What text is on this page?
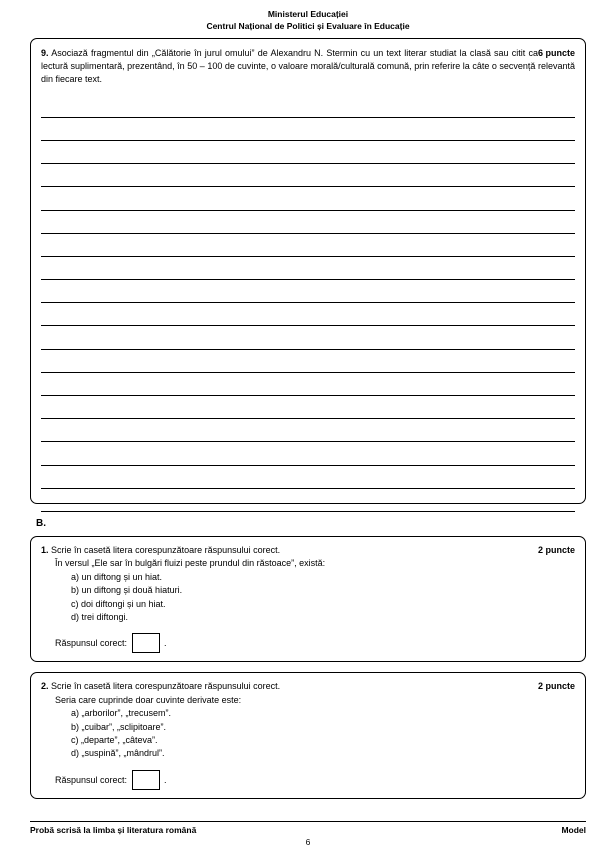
Ministerul Educației
Centrul Național de Politici și Evaluare în Educație
6 puncte
9. Asociază fragmentul din „Călătorie în jurul omului” de Alexandru N. Stermin cu un text literar studiat la clasă sau citit ca lectură suplimentară, prezentând, în 50 – 100 de cuvinte, o valoare morală/culturală comună, prin referire la câte o secvență relevantă din fiecare text.
B.
2 puncte
1. Scrie în casetă litera corespunzătoare răspunsului corect.
În versul „Ele sar în bulgări fluizi peste prundul din răstoace”, există:
a) un diftong și un hiat.
b) un diftong și două hiaturi.
c) doi diftongi și un hiat.
d) trei diftongi.
Răspunsul corect:	.
2 puncte
2. Scrie în casetă litera corespunzătoare răspunsului corect.
Seria care cuprinde doar cuvinte derivate este:
a) „arborilor”, „trecusem”.
b) „cuibar”, „sclipitoare”.
c) „departe”, „câteva”.
d) „suspină”, „mândrul”.
Răspunsul corect:	.
Probă scrisă la limba și literatura română	Model
6
